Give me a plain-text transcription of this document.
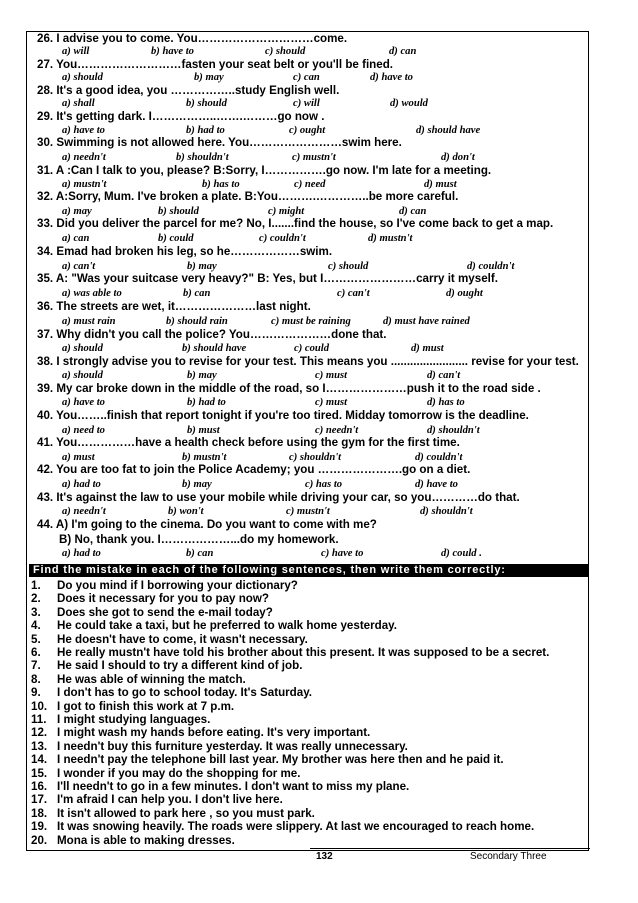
26. I advise you to come. You…………………………come.
a) will	b) have to	c) should	d) can
27. You………………………fasten your seat belt or you'll be fined.
a) should	b) may	c) can	d) have to
28. It's a good idea, you ……………..study English well.
a) shall	b) should	c) will	d) would
29. It's getting dark. I……………..…….………go now .
a) have to	b) had to	c) ought	d) should have
30. Swimming is not allowed here. You……………………swim here.
a) needn't	b) shouldn't	c) mustn't	d) don't
31. A :Can I talk to you, please? B:Sorry, I…………….go now. I'm late for a meeting.
a) mustn't	b) has to	c) need	d) must
32. A:Sorry, Mum. I've broken a plate. B:You……….…………..be more careful.
a) may	b) should	c) might	d) can
33. Did you deliver the parcel for me? No, I.......find the house, so I've come back to get a map.
a) can	b) could	c) couldn't	d) mustn't
34. Emad had broken his leg, so he………………swim.
a) can't	b) may	c) should	d) couldn't
35. A: "Was your suitcase very heavy?" B: Yes, but I……………………carry it myself.
a) was able to	b) can	c) can't	d) ought
36. The streets are wet, it…………………last night.
a) must rain	b) should rain	c) must be raining	d) must have rained
37. Why didn't you call the police? You…………………done that.
a) should	b) should have	c) could	d) must
38. I strongly advise you to revise for your test. This means you ........................ revise for your test.
a) should	b) may	c) must	d) can't
39. My car broke down in the middle of the road, so I…………………push it to the road side .
a) have to	b) had to	c) must	d) has to
40. You……..finish that report tonight if you're too tired. Midday tomorrow is the deadline.
a) need to	b) must	c) needn't	d) shouldn't
41. You……………have a health check before using the gym for the first time.
a) must	b) mustn't	c) shouldn't	d) couldn't
42. You are too fat to join the Police Academy; you ………………….go on a diet.
a) had to	b) may	c) has to	d) have to
43. It's against the law to use your mobile while driving your car, so you…………do that.
a) needn't	b) won't	c) mustn't	d) shouldn't
44. A) I'm going to the cinema. Do you want to come with me?
B) No, thank you. I………………...do my homework.
a) had to	b) can	c) have to	d) could .
Find the mistake in each of the following sentences, then write them correctly:
1. Do you mind if I borrowing your dictionary?
2. Does it necessary for you to pay now?
3. Does she got to send the e-mail today?
4. He could take a taxi, but he preferred to walk home yesterday.
5. He doesn't have to come, it wasn't necessary.
6. He really mustn't have told his brother about this present. It was supposed to be a secret.
7. He said I should to try a different kind of job.
8. He was able of winning the match.
9. I don't has to go to school today. It's Saturday.
10. I got to finish this work at 7 p.m.
11. I might studying languages.
12. I might wash my hands before eating. It's very important.
13. I needn't buy this furniture yesterday. It was really unnecessary.
14. I needn't pay the telephone bill last year. My brother was here then and he paid it.
15. I wonder if you may do the shopping for me.
16. I'll needn't to go in a few minutes. I don't want to miss my plane.
17. I'm afraid I can help you. I don't live here.
18. It isn't allowed to park here , so you must park.
19. It was snowing heavily. The roads were slippery. At last we encouraged to reach home.
20. Mona is able to making dresses.
132	Secondary Three
